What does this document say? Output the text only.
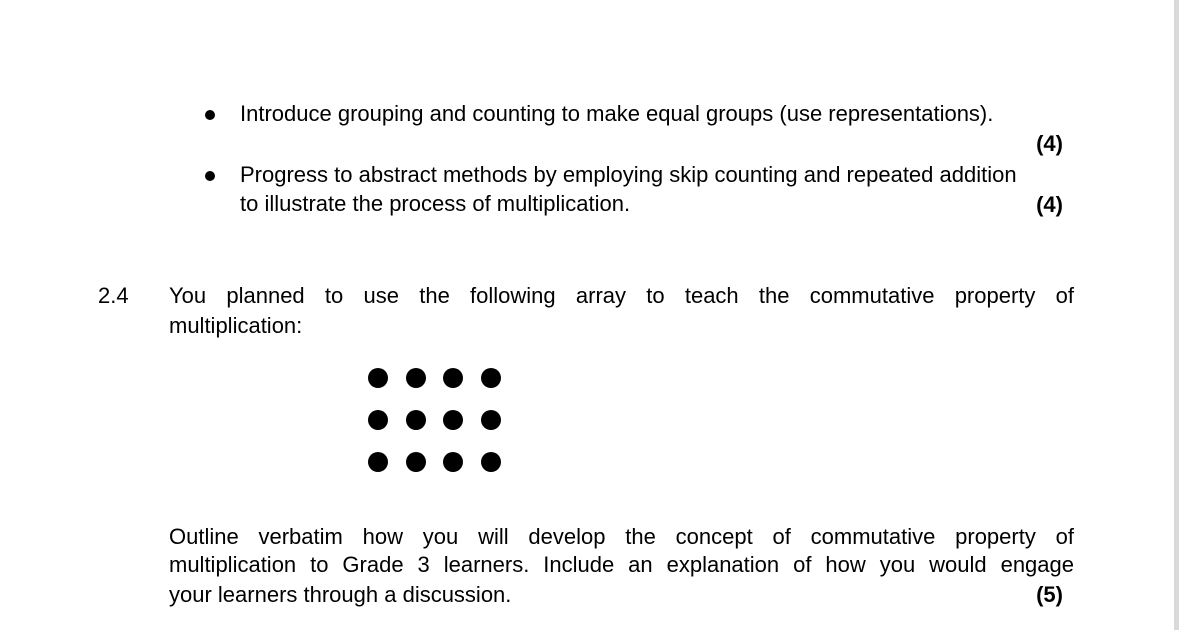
Introduce grouping and counting to make equal groups (use representations).
(4)
Progress to abstract methods by employing skip counting and repeated addition
to illustrate the process of multiplication.	(4)
2.4 You planned to use the following array to teach the commutative property of
multiplication:
Outline verbatim how you will develop the concept of commutative property of
multiplication to Grade 3 learners. Include an explanation of how you would engage
your learners through a discussion.	(5)
